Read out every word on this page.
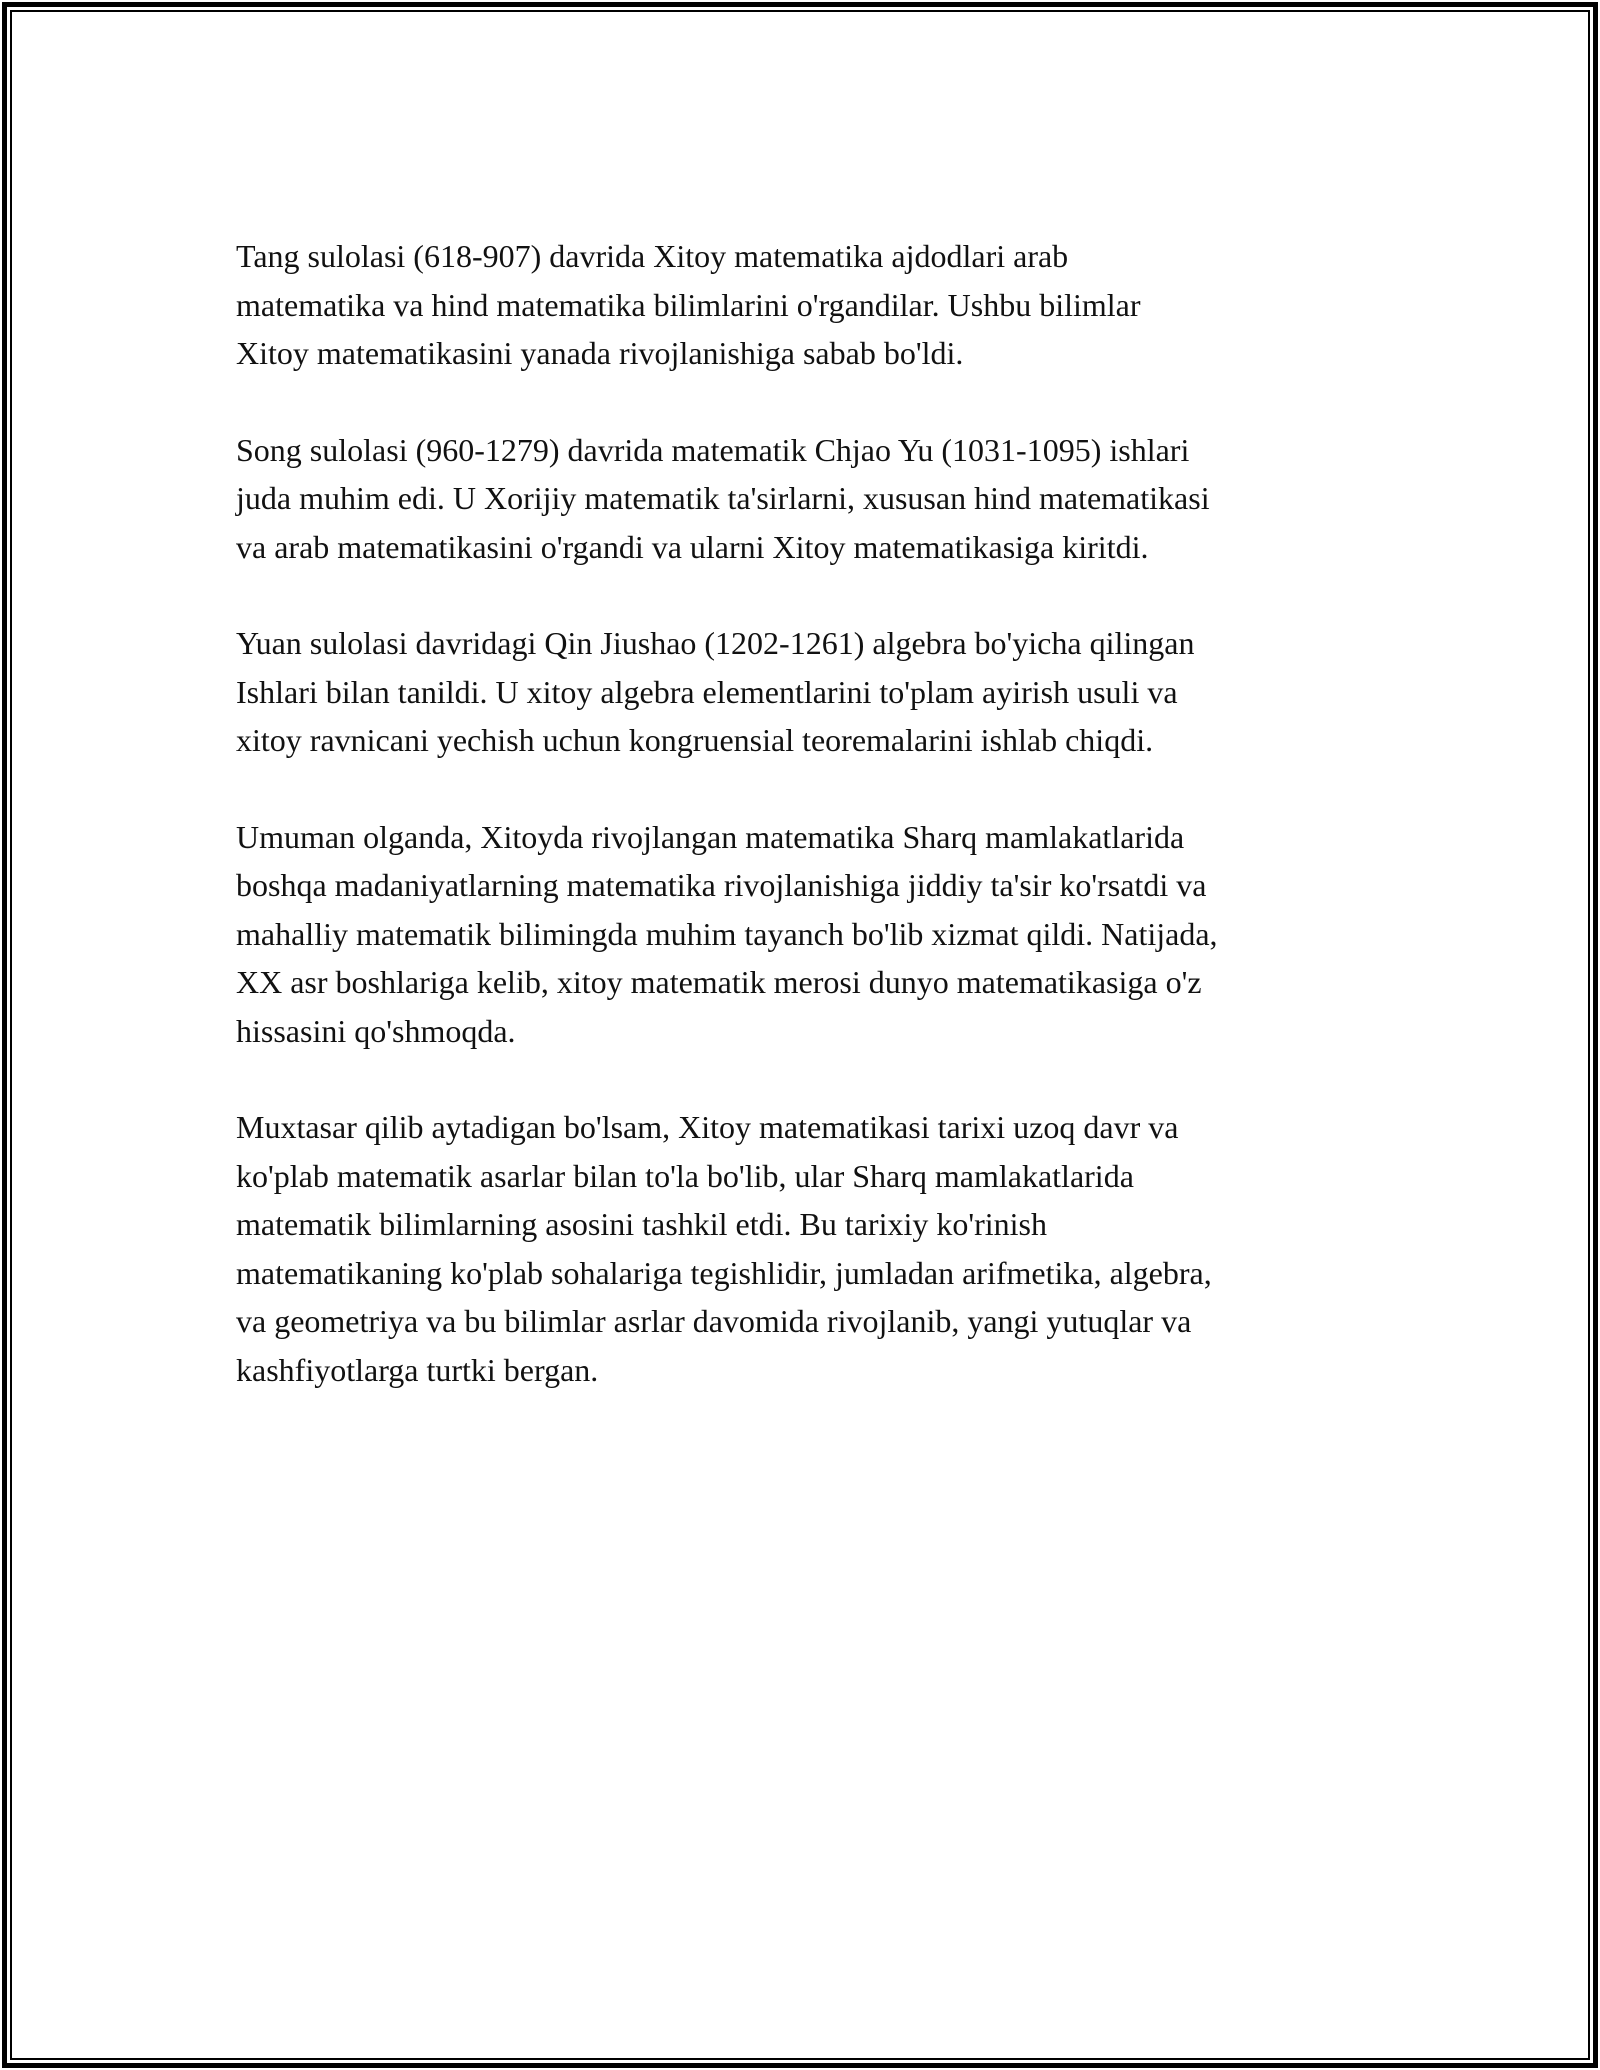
Tang sulolasi (618-907) davrida Xitoy matematika ajdodlari arab
matematika va hind matematika bilimlarini o'rgandilar. Ushbu bilimlar
Xitoy matematikasini yanada rivojlanishiga sabab bo'ldi.

Song sulolasi (960-1279) davrida matematik Chjao Yu (1031-1095) ishlari
juda muhim edi. U Xorijiy matematik ta'sirlarni, xususan hind matematikasi
va arab matematikasini o'rgandi va ularni Xitoy matematikasiga kiritdi.

Yuan sulolasi davridagi Qin Jiushao (1202-1261) algebra bo'yicha qilingan
Ishlari bilan tanildi. U xitoy algebra elementlarini to'plam ayirish usuli va
xitoy ravnicani yechish uchun kongruensial teoremalarini ishlab chiqdi.

Umuman olganda, Xitoyda rivojlangan matematika Sharq mamlakatlarida
boshqa madaniyatlarning matematika rivojlanishiga jiddiy ta'sir ko'rsatdi va
mahalliy matematik bilimingda muhim tayanch bo'lib xizmat qildi. Natijada,
XX asr boshlariga kelib, xitoy matematik merosi dunyo matematikasiga o'z
hissasini qo'shmoqda.

Muxtasar qilib aytadigan bo'lsam, Xitoy matematikasi tarixi uzoq davr va
ko'plab matematik asarlar bilan to'la bo'lib, ular Sharq mamlakatlarida
matematik bilimlarning asosini tashkil etdi. Bu tarixiy ko'rinish
matematikaning ko'plab sohalariga tegishlidir, jumladan arifmetika, algebra,
va geometriya va bu bilimlar asrlar davomida rivojlanib, yangi yutuqlar va
kashfiyotlarga turtki bergan.
